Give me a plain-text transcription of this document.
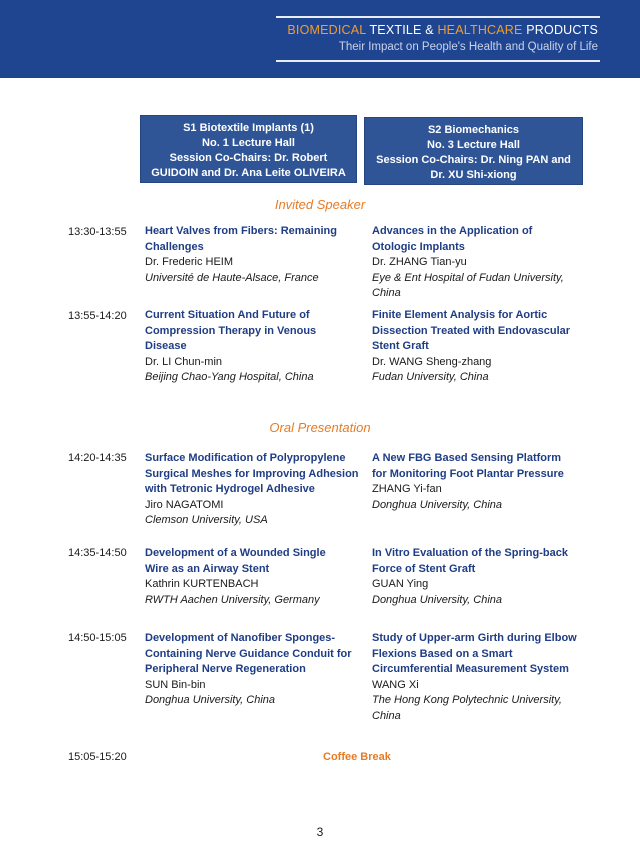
BIOMEDICAL TEXTILE & HEALTHCARE PRODUCTS
Their Impact on People's Health and Quality of Life
S1 Biotextile Implants (1)
No. 1 Lecture Hall
Session Co-Chairs: Dr. Robert
GUIDOIN and Dr. Ana Leite OLIVEIRA
S2 Biomechanics
No. 3 Lecture Hall
Session Co-Chairs: Dr. Ning PAN and
Dr. XU Shi-xiong
Invited Speaker
13:30-13:55 Heart Valves from Fibers: Remaining Challenges
Dr. Frederic HEIM
Université de Haute-Alsace, France
Advances in the Application of Otologic Implants
Dr. ZHANG Tian-yu
Eye & Ent Hospital of Fudan University, China
13:55-14:20 Current Situation And Future of Compression Therapy in Venous Disease
Dr. LI Chun-min
Beijing Chao-Yang Hospital, China
Finite Element Analysis for Aortic Dissection Treated with Endovascular Stent Graft
Dr. WANG Sheng-zhang
Fudan University, China
Oral Presentation
14:20-14:35 Surface Modification of Polypropylene Surgical Meshes for Improving Adhesion with Tetronic Hydrogel Adhesive
Jiro NAGATOMI
Clemson University, USA
A New FBG Based Sensing Platform for Monitoring Foot Plantar Pressure
ZHANG Yi-fan
Donghua University, China
14:35-14:50 Development of a Wounded Single Wire as an Airway Stent
Kathrin KURTENBACH
RWTH Aachen University, Germany
In Vitro Evaluation of the Spring-back Force of Stent Graft
GUAN Ying
Donghua University, China
14:50-15:05 Development of Nanofiber Sponges-Containing Nerve Guidance Conduit for Peripheral Nerve Regeneration
SUN Bin-bin
Donghua University, China
Study of Upper-arm Girth during Elbow Flexions Based on a Smart Circumferential Measurement System
WANG Xi
The Hong Kong Polytechnic University, China
15:05-15:20	Coffee Break
3
